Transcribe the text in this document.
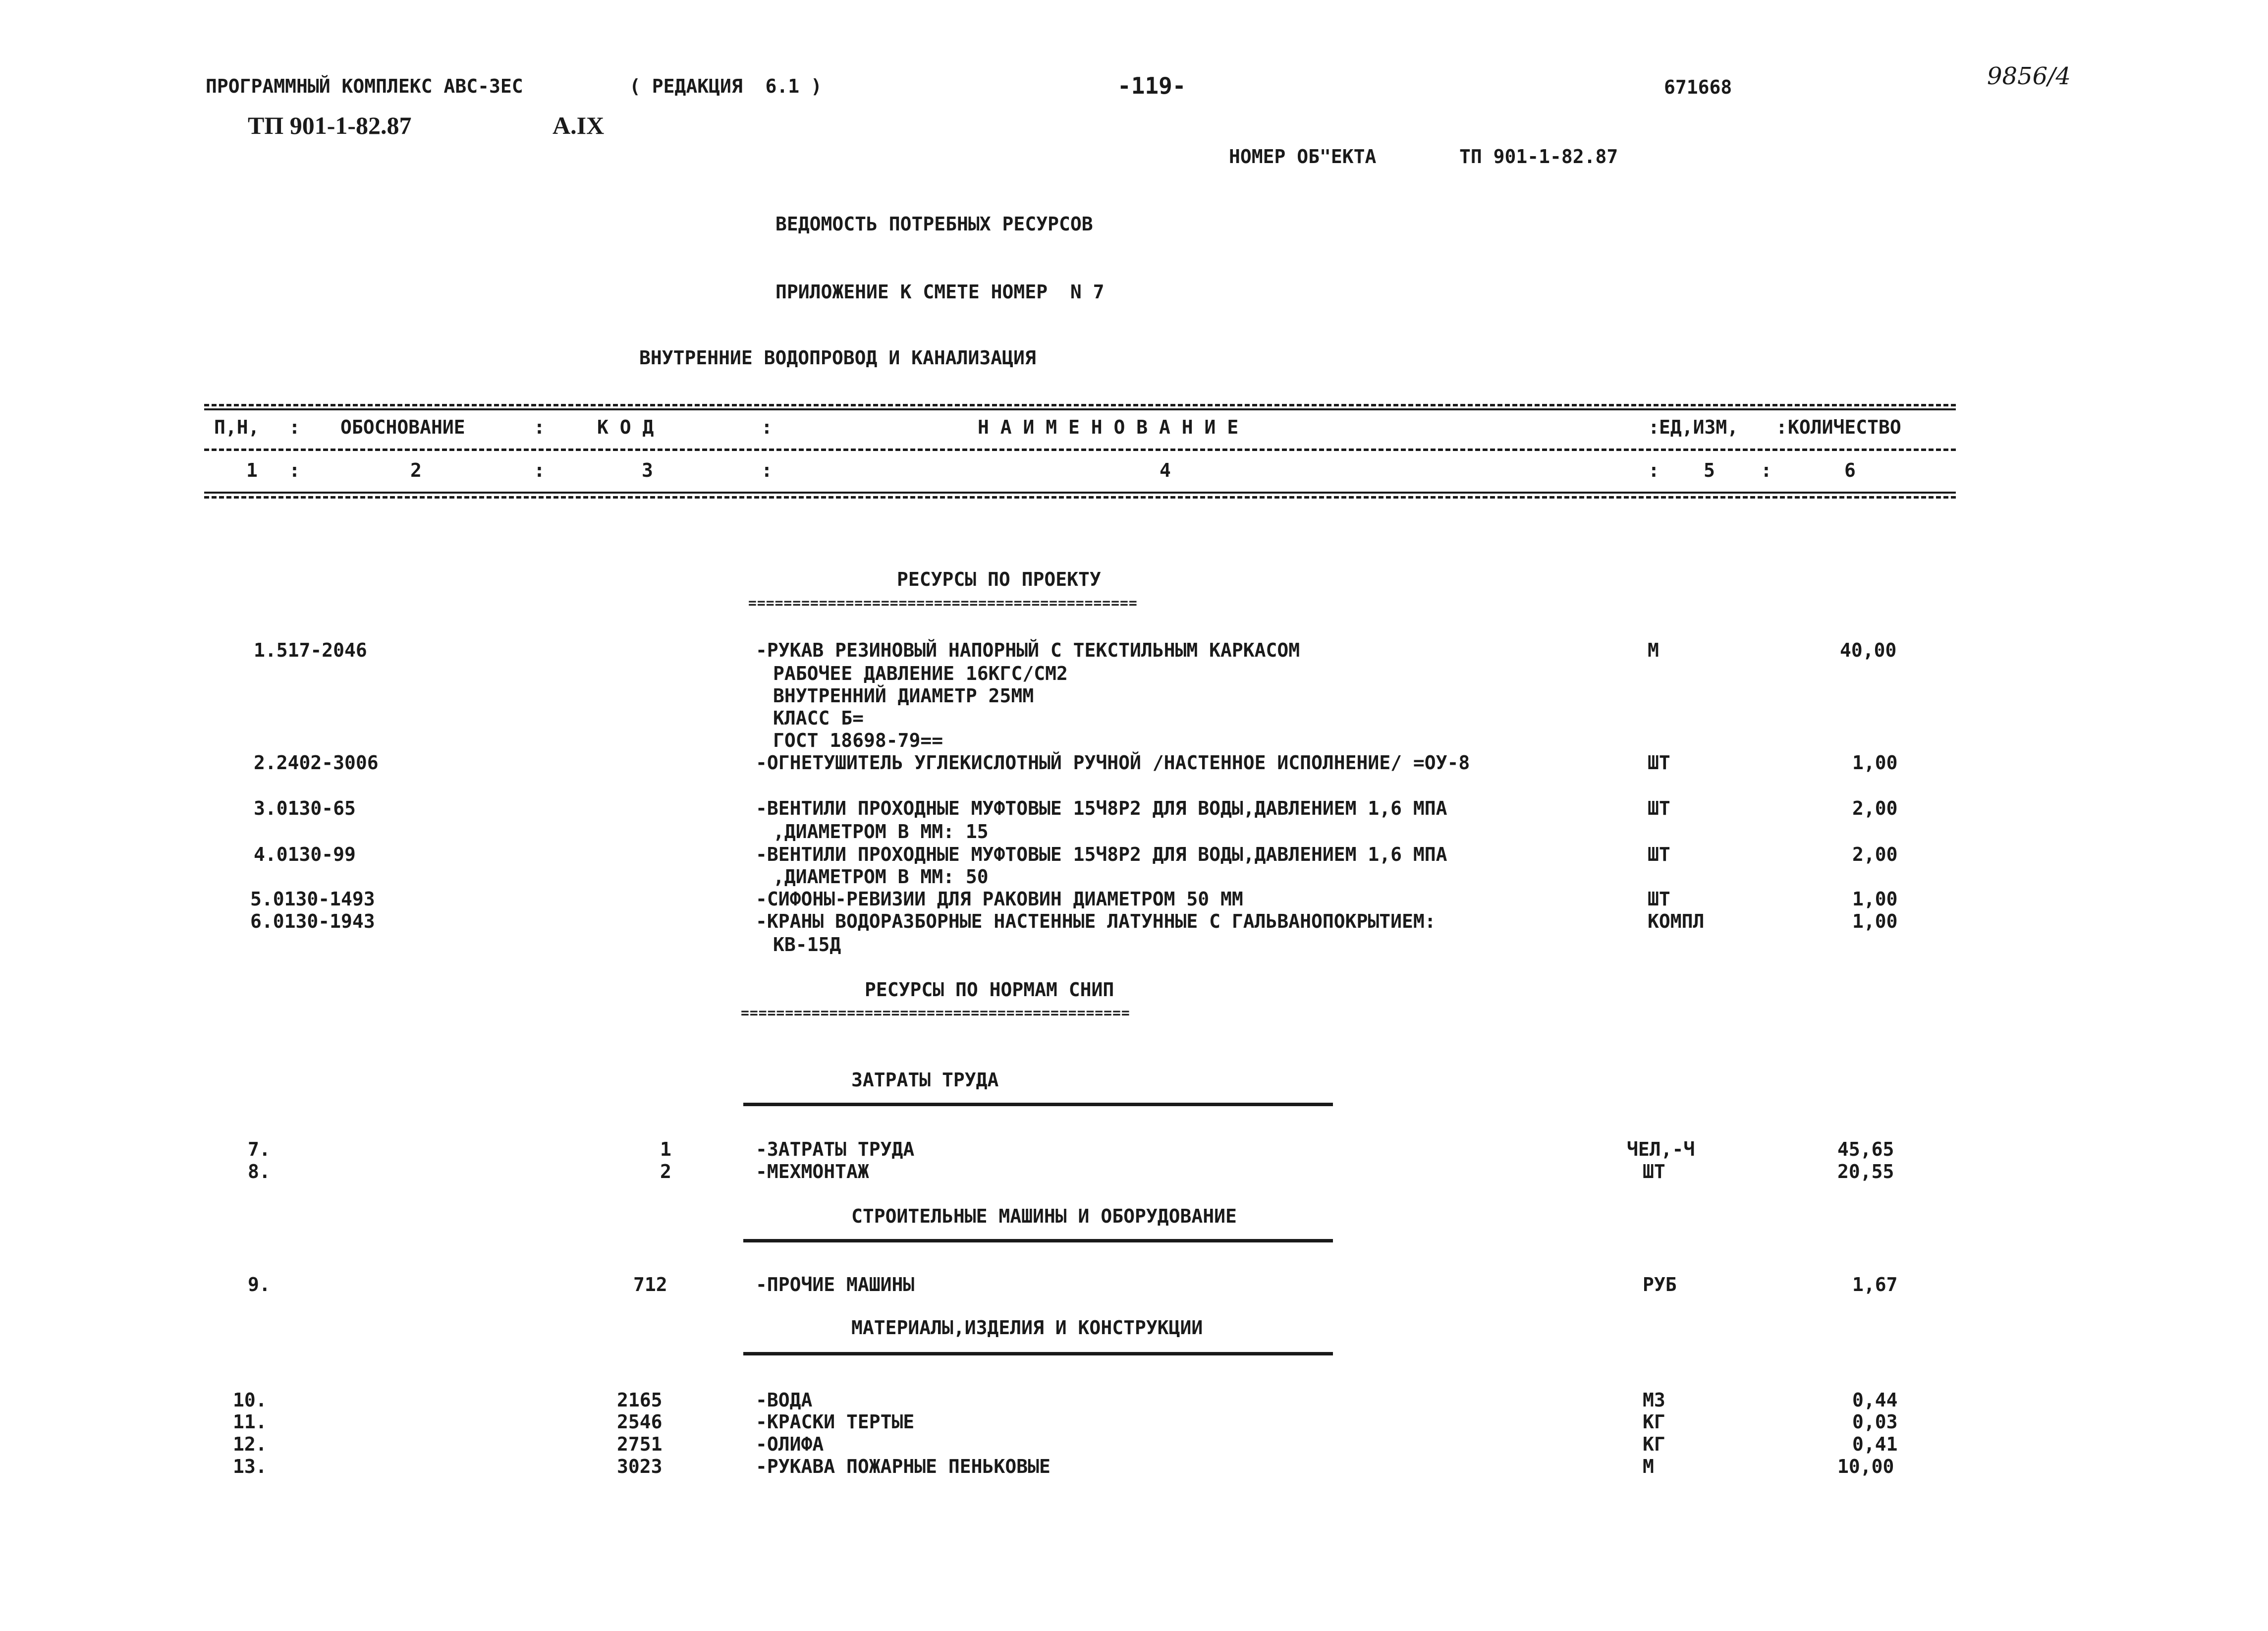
ПРОГРАММНЫЙ КОМПЛЕКС АВС-ЗЕС	( РЕДАКЦИЯ  6.1 )	-119-	671668	9856/4
ТП 901-1-82.87	A.IX
НОМЕР ОБ"ЕКТА	ТП 901-1-82.87
ВЕДОМОСТЬ ПОТРЕБНЫХ РЕСУРСОВ
ПРИЛОЖЕНИЕ К СМЕТЕ НОМЕР  N 7
ВНУТРЕННИЕ ВОДОПРОВОД И КАНАЛИЗАЦИЯ
П,Н, : ОБОСНОВАНИЕ	:	К О Д	:	Н А И М Е Н О В А Н И Е	: ЕД,ИЗМ, : КОЛИЧЕСТВО
1 :	2	:	3	:	4	: 5 :	6
РЕСУРСЫ ПО ПРОЕКТУ
============================================
1.517-2046	-РУКАВ РЕЗИНОВЫЙ НАПОРНЫЙ С ТЕКСТИЛЬНЫМ КАРКАСОМ
РАБОЧЕЕ ДАВЛЕНИЕ 16КГС/СМ2
ВНУТРЕННИЙ ДИАМЕТР 25ММ
КЛАСС Б=
ГОСТ 18698-79==
М	40,00
2.2402-3006	-ОГНЕТУШИТЕЛЬ УГЛЕКИСЛОТНЫЙ РУЧНОЙ /НАСТЕННОЕ ИСПОЛНЕНИЕ/ =ОУ-8	ШТ	1,00
3.0130-65	-ВЕНТИЛИ ПРОХОДНЫЕ МУФТОВЫЕ 15Ч8Р2 ДЛЯ ВОДЫ,ДАВЛЕНИЕМ 1,6 МПА
,ДИАМЕТРОМ В ММ: 15
ШТ	2,00
4.0130-99	-ВЕНТИЛИ ПРОХОДНЫЕ МУФТОВЫЕ 15Ч8Р2 ДЛЯ ВОДЫ,ДАВЛЕНИЕМ 1,6 МПА
,ДИАМЕТРОМ В ММ: 50
ШТ	2,00
5.0130-1493	-СИФОНЫ-РЕВИЗИИ ДЛЯ РАКОВИН ДИАМЕТРОМ 50 ММ	ШТ	1,00
6.0130-1943	-КРАНЫ ВОДОРАЗБОРНЫЕ НАСТЕННЫЕ ЛАТУННЫЕ С ГАЛЬВАНОПОКРЫТИЕМ:
КВ-15Д
КОМПЛ	1,00
РЕСУРСЫ ПО НОРМАМ СНИП
============================================
ЗАТРАТЫ ТРУДА
7.	1	-ЗАТРАТЫ ТРУДА	ЧЕЛ,-Ч	45,65
8.	2	-МЕХМОНТАЖ	ШТ	20,55
СТРОИТЕЛЬНЫЕ МАШИНЫ И ОБОРУДОВАНИЕ
9.	712	-ПРОЧИЕ МАШИНЫ	РУБ	1,67
МАТЕРИАЛЫ,ИЗДЕЛИЯ И КОНСТРУКЦИИ
10.	2165	-ВОДА	М3	0,44
11.	2546	-КРАСКИ ТЕРТЫЕ	КГ	0,03
12.	2751	-ОЛИФА	КГ	0,41
13.	3023	-РУКАВА ПОЖАРНЫЕ ПЕНЬКОВЫЕ	М	10,00
